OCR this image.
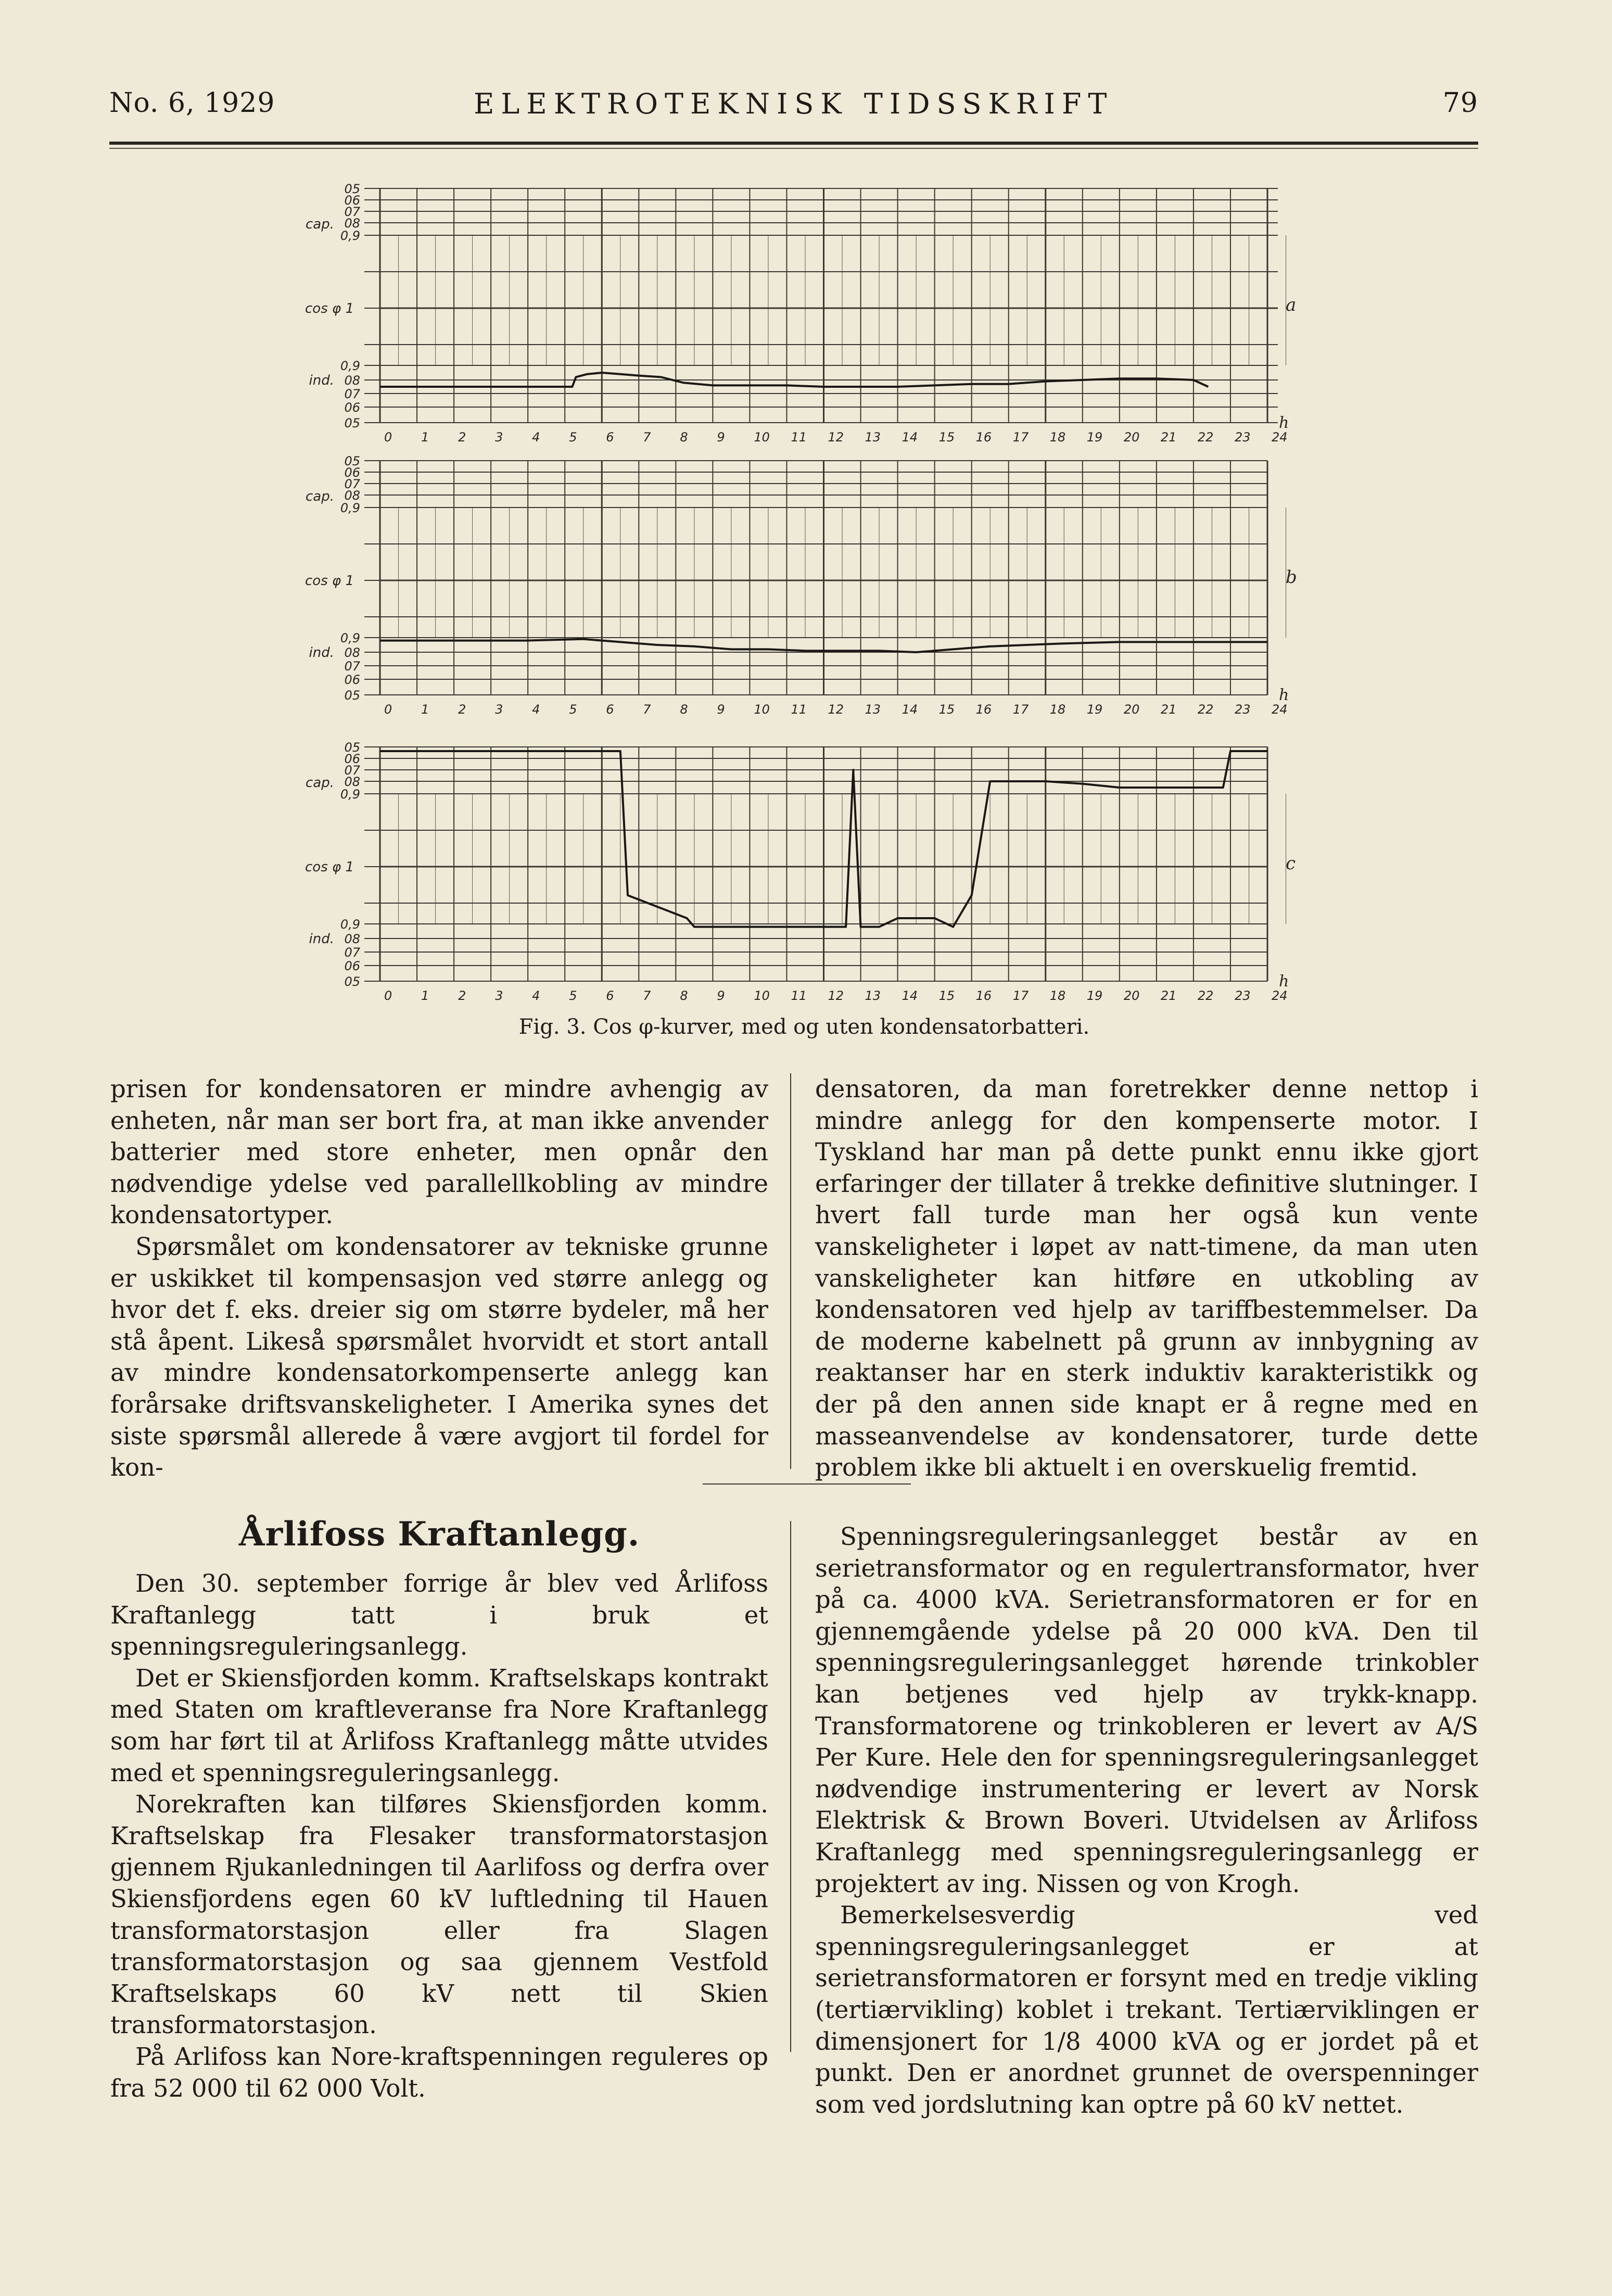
No. 6, 1929	ELEKTROTEKNISK TIDSSKRIFT	79
05
06
07
08
0,9
0,9
08
07
06
05
cap.
cos φ 1
ind.
0 1 2 3 4 5 6 7 8 9 10 11 12 13 14 15 16 17 18 19 20 21 22 23 24
h
a
05
06
07
08
0,9
0,9
08
07
06
05
cap.
cos φ 1
ind.
0 1 2 3 4 5 6 7 8 9 10 11 12 13 14 15 16 17 18 19 20 21 22 23 24
h
b
05
06
07
08
0,9
0,9
08
07
06
05
cap.
cos φ 1
ind.
0 1 2 3 4 5 6 7 8 9 10 11 12 13 14 15 16 17 18 19 20 21 22 23 24
h
c
Fig. 3. Cos φ-kurver, med og uten kondensatorbatteri.

prisen for kondensatoren er mindre avhengig av enheten, når man ser bort fra, at man ikke anvender batterier med store enheter, men opnår den nødvendige ydelse ved parallellkobling av mindre kondensatortyper.

Spørsmålet om kondensatorer av tekniske grunne er uskikket til kompensasjon ved større anlegg og hvor det f. eks. dreier sig om større bydeler, må her stå åpent. Likeså spørsmålet hvorvidt et stort antall av mindre kondensatorkompenserte anlegg kan forårsake driftsvanskeligheter. I Amerika synes det siste spørsmål allerede å være avgjort til fordel for kon-

densatoren, da man foretrekker denne nettop i mindre anlegg for den kompenserte motor. I Tyskland har man på dette punkt ennu ikke gjort erfaringer der tillater å trekke definitive slutninger. I hvert fall turde man her også kun vente vanskeligheter i løpet av natt-timene, da man uten vanskeligheter kan hitføre en utkobling av kondensatoren ved hjelp av tariffbestemmelser. Da de moderne kabelnett på grunn av innbygning av reaktanser har en sterk induktiv karakteristikk og der på den annen side knapt er å regne med en masseanvendelse av kondensatorer, turde dette problem ikke bli aktuelt i en overskuelig fremtid.

Årlifoss Kraftanlegg.

Den 30. september forrige år blev ved Årlifoss Kraftanlegg tatt i bruk et spenningsreguleringsanlegg.

Det er Skiensfjorden komm. Kraftselskaps kontrakt med Staten om kraftleveranse fra Nore Kraftanlegg som har ført til at Årlifoss Kraftanlegg måtte utvides med et spenningsreguleringsanlegg.

Norekraften kan tilføres Skiensfjorden komm. Kraftselskap fra Flesaker transformatorstasjon gjennem Rjukanledningen til Aarlifoss og derfra over Skiensfjordens egen 60 kV luftledning til Hauen transformatorstasjon eller fra Slagen transformatorstasjon og saa gjennem Vestfold Kraftselskaps 60 kV nett til Skien transformatorstasjon.

På Arlifoss kan Nore-kraftspenningen reguleres op fra 52 000 til 62 000 Volt.

Spenningsreguleringsanlegget består av en serietransformator og en regulertransformator, hver på ca. 4000 kVA. Serietransformatoren er for en gjennemgående ydelse på 20 000 kVA. Den til spenningsreguleringsanlegget hørende trinkobler kan betjenes ved hjelp av trykk-knapp. Transformatorene og trinkobleren er levert av A/S Per Kure. Hele den for spenningsreguleringsanlegget nødvendige instrumentering er levert av Norsk Elektrisk & Brown Boveri. Utvidelsen av Årlifoss Kraftanlegg med spenningsreguleringsanlegg er projektert av ing. Nissen og von Krogh.

Bemerkelsesverdig ved spenningsreguleringsanlegget er at serietransformatoren er forsynt med en tredje vikling (tertiærvikling) koblet i trekant. Tertiærviklingen er dimensjonert for 1/8 4000 kVA og er jordet på et punkt. Den er anordnet grunnet de overspenninger som ved jordslutning kan optre på 60 kV nettet.
